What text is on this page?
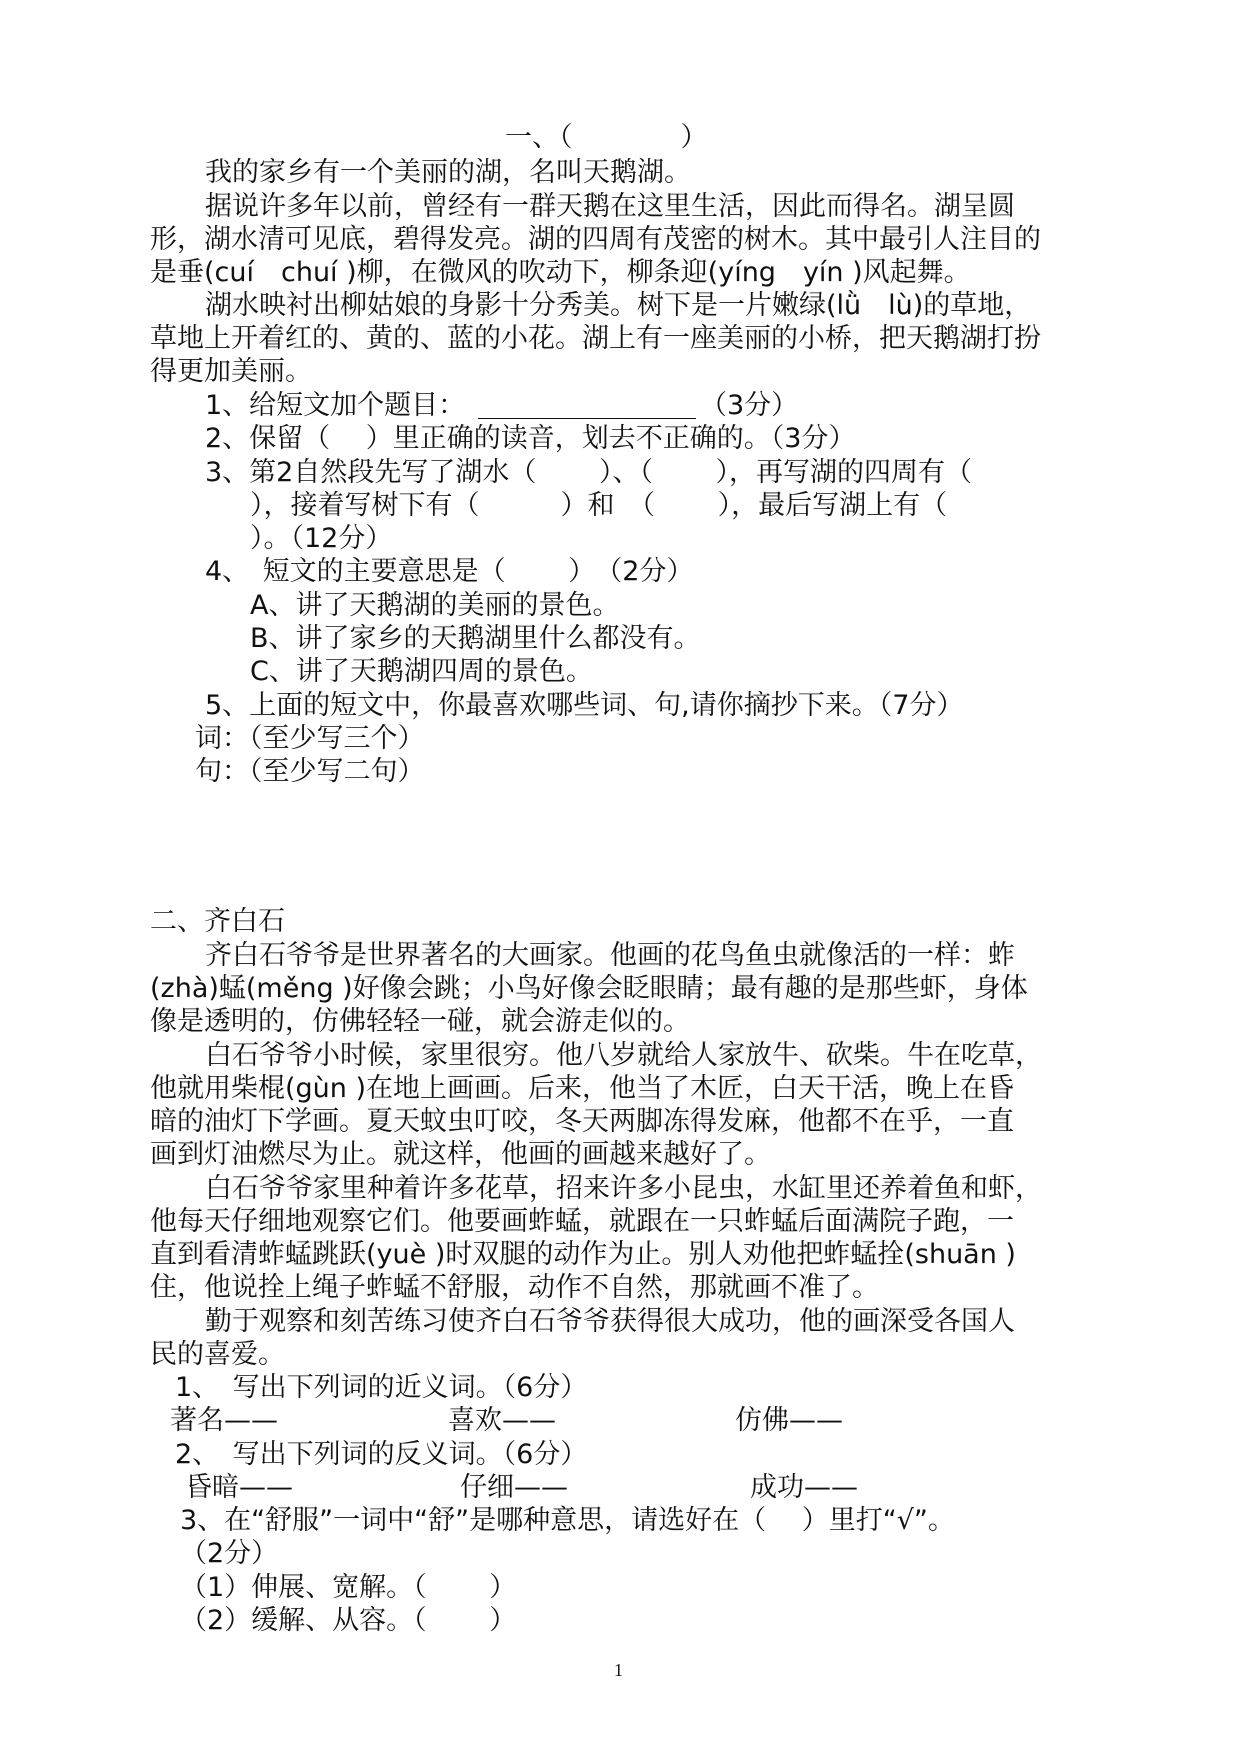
一、（　　　　）
我的家乡有一个美丽的湖，名叫天鹅湖。
据说许多年以前，曾经有一群天鹅在这里生活，因此而得名。湖呈圆
形，湖水清可见底，碧得发亮。湖的四周有茂密的树木。其中最引人注目的
是垂(cuí　chuí )柳，在微风的吹动下，柳条迎(yíng　yín )风起舞。
湖水映衬出柳姑娘的身影十分秀美。树下是一片嫩绿(lǜ　lù)的草地，
草地上开着红的、黄的、蓝的小花。湖上有一座美丽的小桥，把天鹅湖打扮
得更加美丽。
1、给短文加个题目：	（3分）
2、保留（　 ）里正确的读音，划去不正确的。（3分）
3、第2自然段先写了湖水（　　 ）、（　　 ），再写湖的四周有（
），接着写树下有（　　　）和　（　　 ），最后写湖上有（
）。（12分）
4、　短文的主要意思是（　　 ）　（2分）
A、讲了天鹅湖的美丽的景色。
B、讲了家乡的天鹅湖里什么都没有。
C、讲了天鹅湖四周的景色。
5、上面的短文中，你最喜欢哪些词、句,请你摘抄下来。（7分）
词：（至少写三个）
句：（至少写二句）
二、齐白石
齐白石爷爷是世界著名的大画家。他画的花鸟鱼虫就像活的一样：蚱
(zhà)蜢(měng )好像会跳；小鸟好像会眨眼睛；最有趣的是那些虾，身体
像是透明的，仿佛轻轻一碰，就会游走似的。
白石爷爷小时候，家里很穷。他八岁就给人家放牛、砍柴。牛在吃草，
他就用柴棍(gùn )在地上画画。后来，他当了木匠，白天干活，晚上在昏
暗的油灯下学画。夏天蚊虫叮咬，冬天两脚冻得发麻，他都不在乎，一直
画到灯油燃尽为止。就这样，他画的画越来越好了。
白石爷爷家里种着许多花草，招来许多小昆虫，水缸里还养着鱼和虾，
他每天仔细地观察它们。他要画蚱蜢，就跟在一只蚱蜢后面满院子跑，一
直到看清蚱蜢跳跃(yuè )时双腿的动作为止。别人劝他把蚱蜢拴(shuān )
住，他说拴上绳子蚱蜢不舒服，动作不自然，那就画不准了。
勤于观察和刻苦练习使齐白石爷爷获得很大成功，他的画深受各国人
民的喜爱。
1、　写出下列词的近义词。（6分）
著名——	喜欢——	仿佛——
2、　写出下列词的反义词。（6分）
昏暗——	仔细——	成功——
3、在“舒服”一词中“舒”是哪种意思，请选好在（　 ）里打“√”。
（2分）
（1）伸展、宽解。（　　 ）
（2）缓解、从容。（　　 ）
1
